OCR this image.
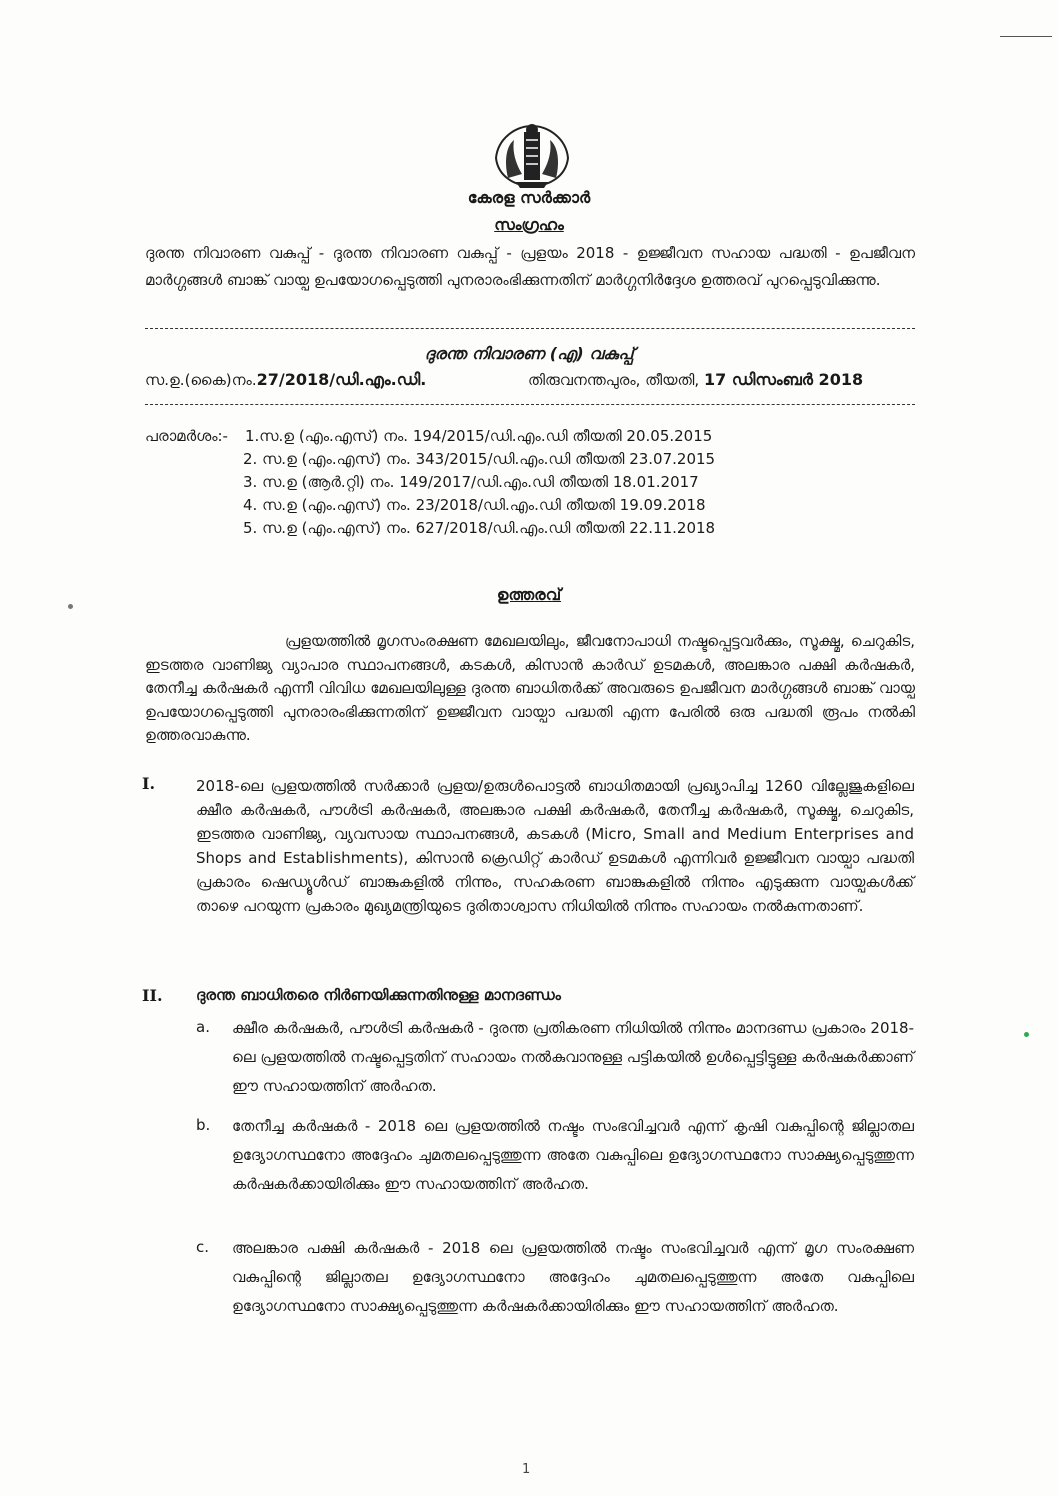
കേരള സർക്കാർ
സംഗ്രഹം
ദുരന്ത നിവാരണ വകുപ്പ് - ദുരന്ത നിവാരണ വകുപ്പ് - പ്രളയം 2018 - ഉജ്ജീവന സഹായ പദ്ധതി - ഉപജീവന മാർഗ്ഗങ്ങൾ ബാങ്ക് വായ്പ ഉപയോഗപ്പെടുത്തി പുനരാരംഭിക്കുന്നതിന് മാർഗ്ഗനിർദ്ദേശ ഉത്തരവ് പുറപ്പെടുവിക്കുന്നു.
ദുരന്ത നിവാരണ (എ) വകുപ്പ്
സ.ഉ.(കൈ)നം.27/2018/ഡി.എം.ഡി.	തിരുവനന്തപുരം, തീയതി, 17 ഡിസംബർ 2018
പരാമർശം:- 1.സ.ഉ (എം.എസ്) നം. 194/2015/ഡി.എം.ഡി തീയതി 20.05.2015
2. സ.ഉ (എം.എസ്) നം. 343/2015/ഡി.എം.ഡി തീയതി 23.07.2015
3. സ.ഉ (ആർ.റ്റി) നം. 149/2017/ഡി.എം.ഡി തീയതി 18.01.2017
4. സ.ഉ (എം.എസ്) നം. 23/2018/ഡി.എം.ഡി തീയതി 19.09.2018
5. സ.ഉ (എം.എസ്) നം. 627/2018/ഡി.എം.ഡി തീയതി 22.11.2018
ഉത്തരവ്
പ്രളയത്തിൽ മൃഗസംരക്ഷണ മേഖലയിലും, ജീവനോപാധി നഷ്ടപ്പെട്ടവർക്കും, സൂക്ഷ്മ, ചെറുകിട, ഇടത്തര വാണിജ്യ വ്യാപാര സ്ഥാപനങ്ങൾ, കടകൾ, കിസാൻ കാർഡ് ഉടമകൾ, അലങ്കാര പക്ഷി കർഷകർ, തേനീച്ച കർഷകർ എന്നീ വിവിധ മേഖലയിലുള്ള ദുരന്ത ബാധിതർക്ക് അവരുടെ ഉപജീവന മാർഗ്ഗങ്ങൾ ബാങ്ക് വായ്പ ഉപയോഗപ്പെടുത്തി പുനരാരംഭിക്കുന്നതിന് ഉജ്ജീവന വായ്പാ പദ്ധതി എന്ന പേരിൽ ഒരു പദ്ധതി രൂപം നൽകി ഉത്തരവാകുന്നു.
I.	2018-ലെ പ്രളയത്തിൽ സർക്കാർ പ്രളയ/ഉരുൾപൊട്ടൽ ബാധിതമായി പ്രഖ്യാപിച്ച 1260 വില്ലേജുകളിലെ ക്ഷീര കർഷകർ, പൗൾട്രി കർഷകർ, അലങ്കാര പക്ഷി കർഷകർ, തേനീച്ച കർഷകർ, സൂക്ഷ്മ, ചെറുകിട, ഇടത്തര വാണിജ്യ, വ്യവസായ സ്ഥാപനങ്ങൾ, കടകൾ (Micro, Small and Medium Enterprises and Shops and Establishments), കിസാൻ ക്രെഡിറ്റ് കാർഡ് ഉടമകൾ എന്നിവർ ഉജ്ജീവന വായ്പാ പദ്ധതി പ്രകാരം ഷെഡ്യൂൾഡ് ബാങ്കുകളിൽ നിന്നും, സഹകരണ ബാങ്കുകളിൽ നിന്നും എടുക്കുന്ന വായ്പകൾക്ക് താഴെ പറയുന്ന പ്രകാരം മുഖ്യമന്ത്രിയുടെ ദുരിതാശ്വാസ നിധിയിൽ നിന്നും സഹായം നൽകുന്നതാണ്.
II. ദുരന്ത ബാധിതരെ നിർണയിക്കുന്നതിനുള്ള മാനദണ്ഡം
a. ക്ഷീര കർഷകർ, പൗൾട്രി കർഷകർ - ദുരന്ത പ്രതികരണ നിധിയിൽ നിന്നും മാനദണ്ഡ പ്രകാരം 2018-ലെ പ്രളയത്തിൽ നഷ്ടപ്പെട്ടതിന് സഹായം നൽകുവാനുള്ള പട്ടികയിൽ ഉൾപ്പെട്ടിട്ടുള്ള കർഷകർക്കാണ് ഈ സഹായത്തിന് അർഹത.
b. തേനീച്ച കർഷകർ - 2018 ലെ പ്രളയത്തിൽ നഷ്ടം സംഭവിച്ചവർ എന്ന് കൃഷി വകുപ്പിന്റെ ജില്ലാതല ഉദ്യോഗസ്ഥനോ അദ്ദേഹം ചുമതലപ്പെടുത്തുന്ന അതേ വകുപ്പിലെ ഉദ്യോഗസ്ഥനോ സാക്ഷ്യപ്പെടുത്തുന്ന കർഷകർക്കായിരിക്കും ഈ സഹായത്തിന് അർഹത.
c. അലങ്കാര പക്ഷി കർഷകർ - 2018 ലെ പ്രളയത്തിൽ നഷ്ടം സംഭവിച്ചവർ എന്ന് മൃഗ സംരക്ഷണ വകുപ്പിന്റെ ജില്ലാതല ഉദ്യോഗസ്ഥനോ അദ്ദേഹം ചുമതലപ്പെടുത്തുന്ന അതേ വകുപ്പിലെ ഉദ്യോഗസ്ഥനോ സാക്ഷ്യപ്പെടുത്തുന്ന കർഷകർക്കായിരിക്കും ഈ സഹായത്തിന് അർഹത.
1
